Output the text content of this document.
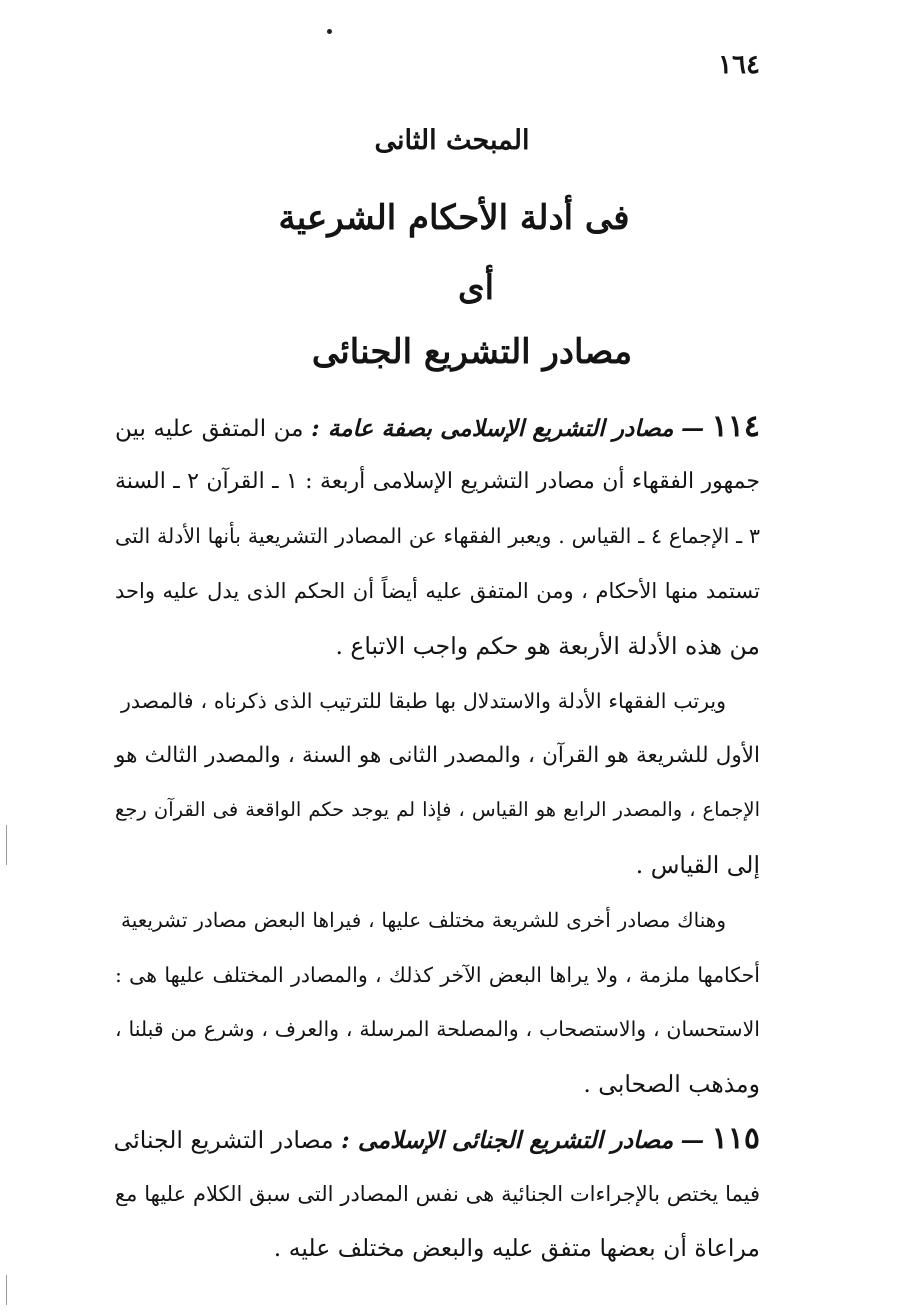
١٦٤
المبحث الثانى
فى أدلة الأحكام الشرعية
أى
مصادر التشريع الجنائى
١١٤ — مصادر التشريع الإسلامى بصفة عامة : من المتفق عليه بين
جمهور الفقهاء أن مصادر التشريع الإسلامى أربعة : ١ ـ القرآن ٢ ـ السنة
٣ ـ الإجماع ٤ ـ القياس . ويعبر الفقهاء عن المصادر التشريعية بأنها الأدلة التى
تستمد منها الأحكام ، ومن المتفق عليه أيضاً أن الحكم الذى يدل عليه واحد
من هذه الأدلة الأربعة هو حكم واجب الاتباع .
ويرتب الفقهاء الأدلة والاستدلال بها طبقا للترتيب الذى ذكرناه ، فالمصدر
الأول للشريعة هو القرآن ، والمصدر الثانى هو السنة ، والمصدر الثالث هو
الإجماع ، والمصدر الرابع هو القياس ، فإذا لم يوجد حكم الواقعة فى القرآن رجع
إلى القياس .
وهناك مصادر أخرى للشريعة مختلف عليها ، فيراها البعض مصادر تشريعية
أحكامها ملزمة ، ولا يراها البعض الآخر كذلك ، والمصادر المختلف عليها هى :
الاستحسان ، والاستصحاب ، والمصلحة المرسلة ، والعرف ، وشرع من قبلنا ،
ومذهب الصحابى .
١١٥ — مصادر التشريع الجنائى الإسلامى : مصادر التشريع الجنائى
فيما يختص بالإجراءات الجنائية هى نفس المصادر التى سبق الكلام عليها مع
مراعاة أن بعضها متفق عليه والبعض مختلف عليه .
